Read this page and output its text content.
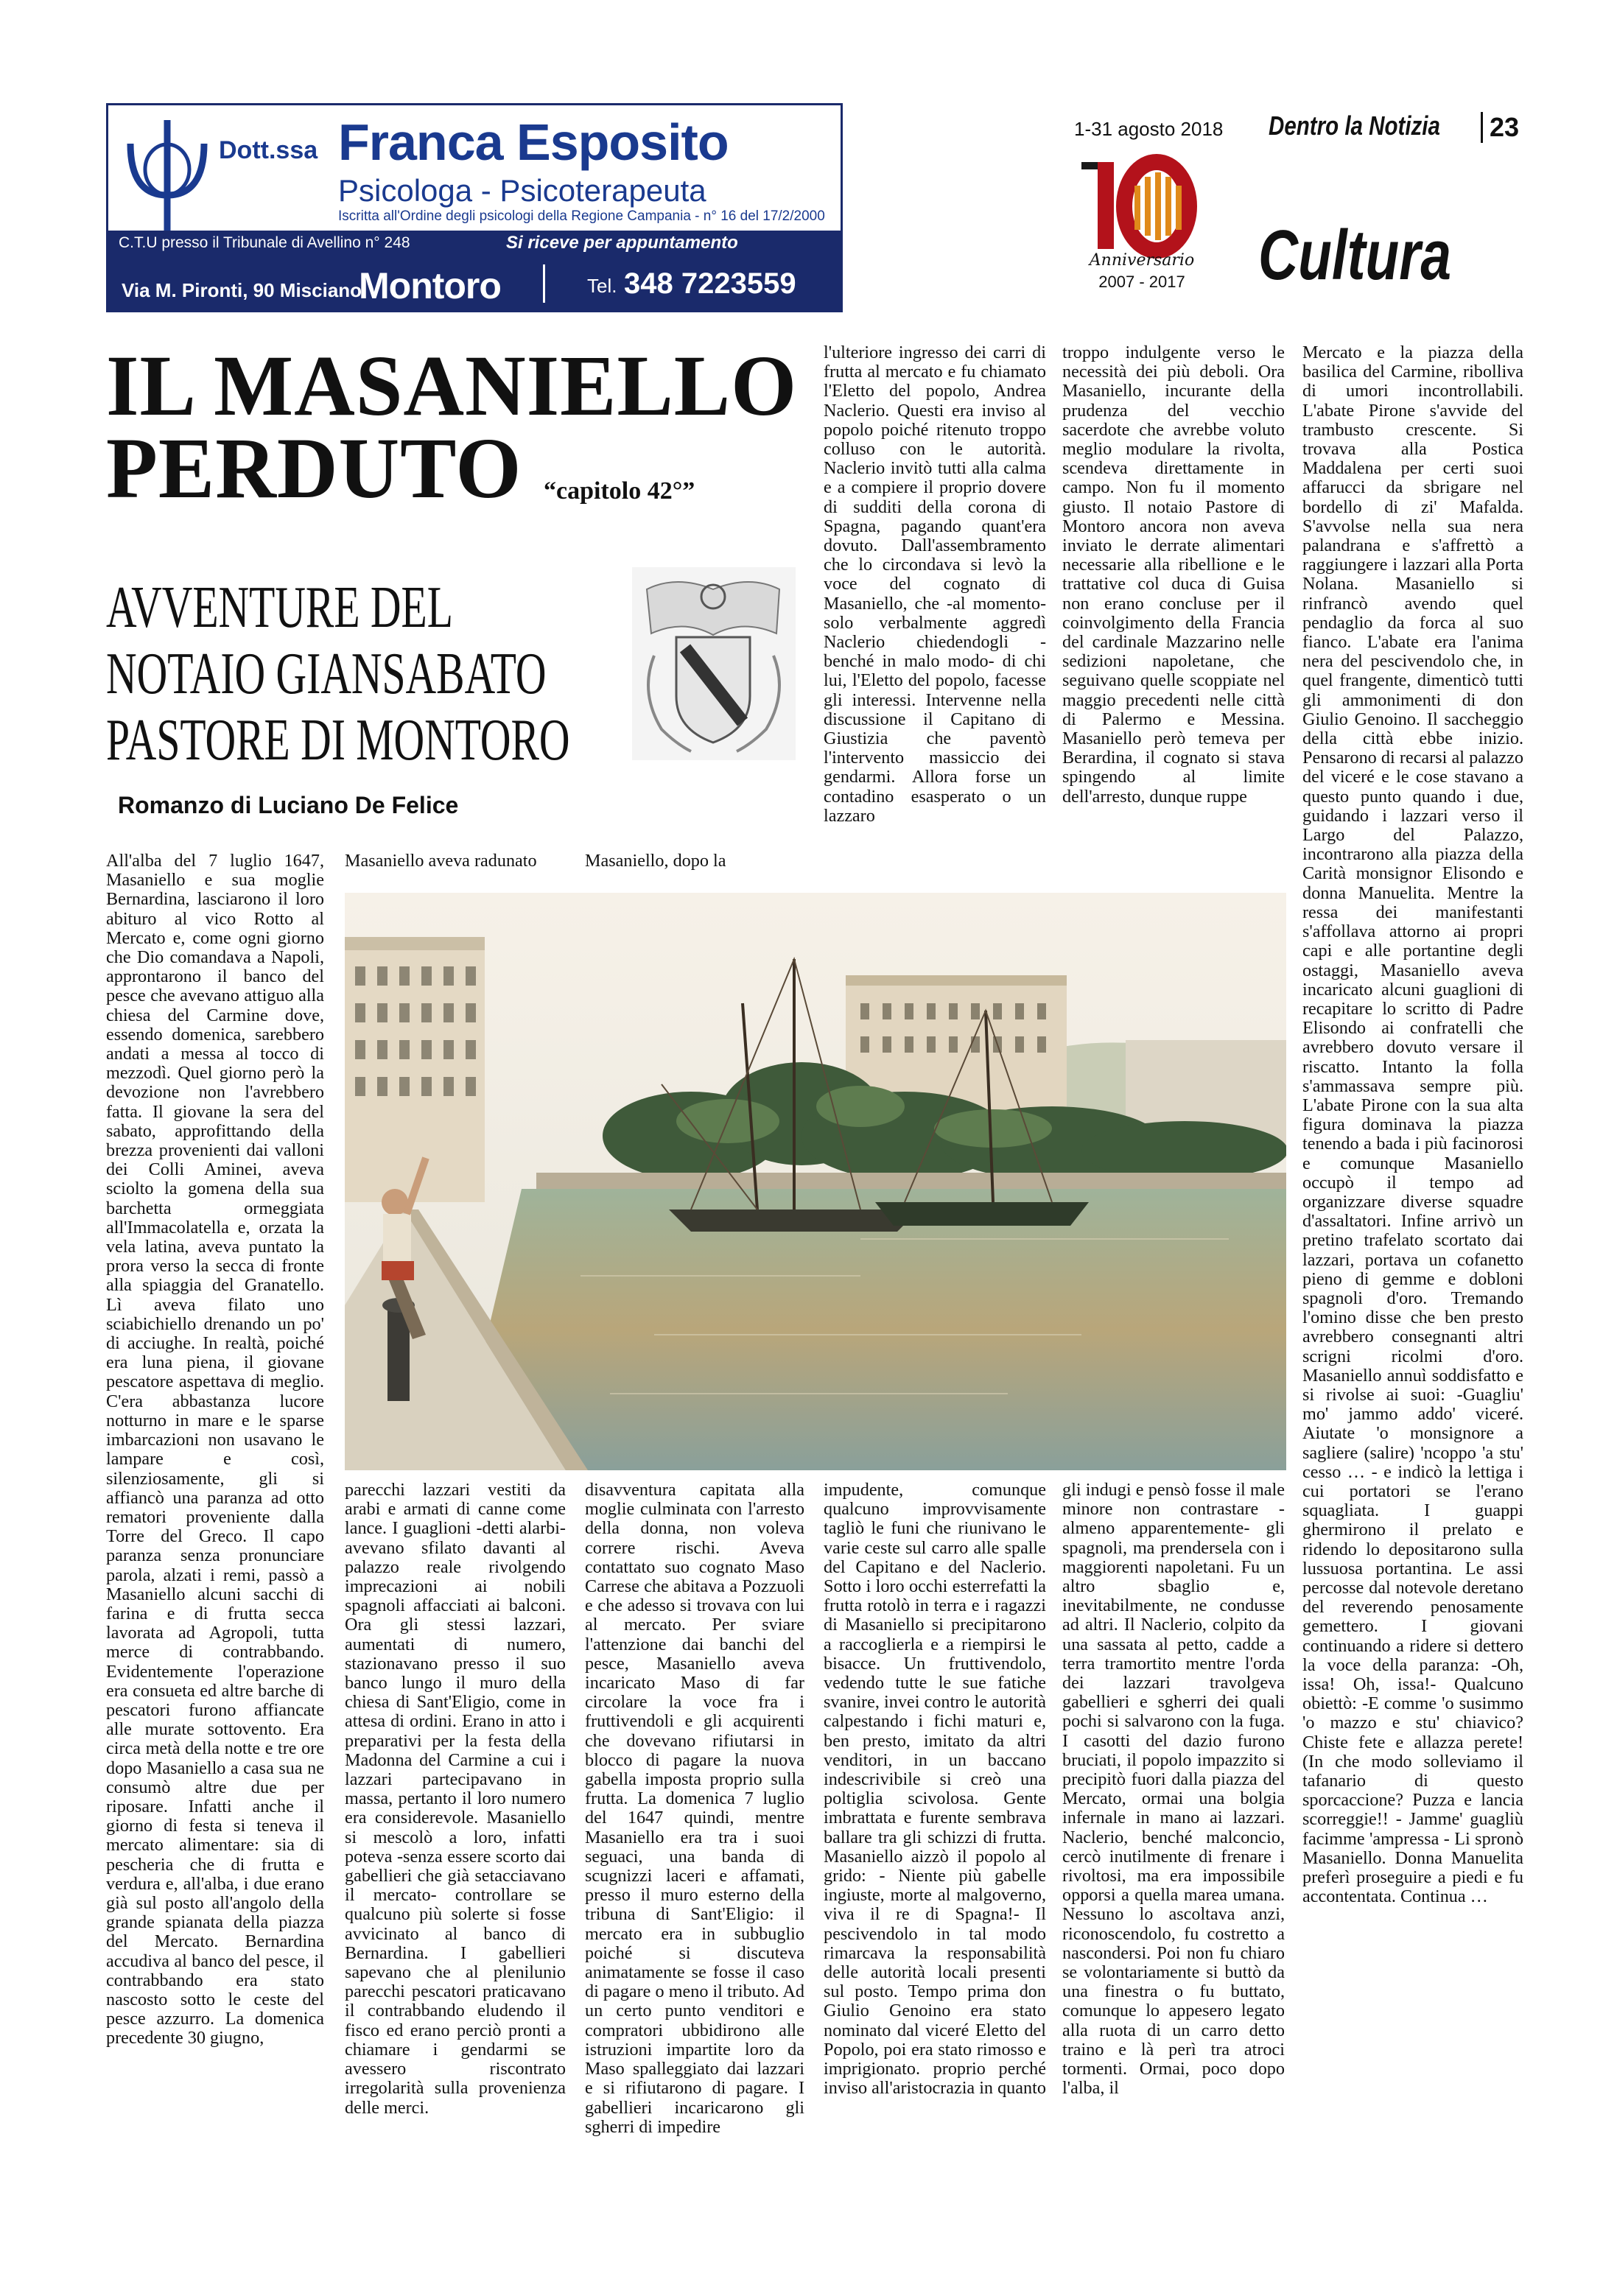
Dott.ssa Franca Esposito
Psicologa - Psicoterapeuta
Iscritta all'Ordine degli psicologi della Regione Campania - n° 16 del 17/2/2000
C.T.U presso il Tribunale di Avellino n° 248	Si riceve per appuntamento
Via M. Pironti, 90 Misciano
Montoro	Tel. 348 7223559
1-31 agosto 2018 Dentro la Notizia 23
Anniversario
2007 - 2017 Cultura
IL MASANIELLO
PERDUTO “capitolo 42°”
AVVENTURE DEL
NOTAIO GIANSABATO
PASTORE DI MONTORO
Romanzo di Luciano De Felice
All'alba del 7 luglio 1647, Masaniello e sua moglie Bernardina, lasciarono il loro abituro al vico Rotto al Mercato e, come ogni giorno che Dio comandava a Napoli, approntarono il banco del pesce che avevano attiguo alla chiesa del Carmine dove, essendo domenica, sarebbero andati a messa al tocco di mezzodì. Quel giorno però la devozione non l'avrebbero fatta. Il giovane la sera del sabato, approfittando della brezza provenienti dai valloni dei Colli Aminei, aveva sciolto la gomena della sua barchetta ormeggiata all'Immacolatella e, orzata la vela latina, aveva puntato la prora verso la secca di fronte alla spiaggia del Granatello. Lì aveva filato uno sciabichiello drenando un po' di acciughe. In realtà, poiché era luna piena, il giovane pescatore aspettava di meglio. C'era abbastanza lucore notturno in mare e le sparse imbarcazioni non usavano le lampare e così, silenziosamente, gli si affiancò una paranza ad otto rematori proveniente dalla Torre del Greco. Il capo paranza senza pronunciare parola, alzati i remi, passò a Masaniello alcuni sacchi di farina e di frutta secca lavorata ad Agropoli, tutta merce di contrabbando. Evidentemente l'operazione era consueta ed altre barche di pescatori furono affiancate alle murate sottovento. Era circa metà della notte e tre ore dopo Masaniello a casa sua ne consumò altre due per riposare. Infatti anche il giorno di festa si teneva il mercato alimentare: sia di pescheria che di frutta e verdura e, all'alba, i due erano già sul posto all'angolo della grande spianata della piazza del Mercato. Bernardina accudiva al banco del pesce, il contrabbando era stato nascosto sotto le ceste del pesce azzurro. La domenica precedente 30 giugno,
Masaniello aveva radunato	Masaniello, dopo la
l'ulteriore ingresso dei carri di frutta al mercato e fu chiamato l'Eletto del popolo, Andrea Naclerio. Questi era inviso al popolo poiché ritenuto troppo colluso con le autorità. Naclerio invitò tutti alla calma e a compiere il proprio dovere di sudditi della corona di Spagna, pagando quant'era dovuto. Dall'assembramento che lo circondava si levò la voce del cognato di Masaniello, che -al momento- solo verbalmente aggredì Naclerio chiedendogli - benché in malo modo- di chi lui, l'Eletto del popolo, facesse gli interessi. Intervenne nella discussione il Capitano di Giustizia che paventò l'intervento massiccio dei gendarmi. Allora forse un contadino esasperato o un lazzaro
troppo indulgente verso le necessità dei più deboli. Ora Masaniello, incurante della prudenza del vecchio sacerdote che avrebbe voluto meglio modulare la rivolta, scendeva direttamente in campo. Non fu il momento giusto. Il notaio Pastore di Montoro ancora non aveva inviato le derrate alimentari necessarie alla ribellione e le trattative col duca di Guisa non erano concluse per il coinvolgimento della Francia del cardinale Mazzarino nelle sedizioni napoletane, che seguivano quelle scoppiate nel maggio precedenti nelle città di Palermo e Messina. Masaniello però temeva per Berardina, il cognato si stava spingendo al limite dell'arresto, dunque ruppe
Mercato e la piazza della basilica del Carmine, ribolliva di umori incontrollabili. L'abate Pirone s'avvide del trambusto crescente. Si trovava alla Postica Maddalena per certi suoi affarucci da sbrigare nel bordello di zi' Mafalda. S'avvolse nella sua nera palandrana e s'affrettò a raggiungere i lazzari alla Porta Nolana. Masaniello si rinfrancò avendo quel pendaglio da forca al suo fianco. L'abate era l'anima nera del pescivendolo che, in quel frangente, dimenticò tutti gli ammonimenti di don Giulio Genoino. Il saccheggio della città ebbe inizio. Pensarono di recarsi al palazzo del viceré e le cose stavano a questo punto quando i due, guidando i lazzari verso il Largo del Palazzo, incontrarono alla piazza della Carità monsignor Elisondo e donna Manuelita. Mentre la ressa dei manifestanti s'affollava attorno ai propri capi e alle portantine degli ostaggi, Masaniello aveva incaricato alcuni guaglioni di recapitare lo scritto di Padre Elisondo ai confratelli che avrebbero dovuto versare il riscatto. Intanto la folla s'ammassava sempre più. L'abate Pirone con la sua alta figura dominava la piazza tenendo a bada i più facinorosi e comunque Masaniello occupò il tempo ad organizzare diverse squadre d'assaltatori. Infine arrivò un pretino trafelato scortato dai lazzari, portava un cofanetto pieno di gemme e dobloni spagnoli d'oro. Tremando l'omino disse che ben presto avrebbero consegnanti altri scrigni ricolmi d'oro. Masaniello annuì soddisfatto e si rivolse ai suoi: -Guagliu' mo' jammo addo' viceré. Aiutate 'o monsignore a sagliere (salire) 'ncoppo 'a stu' cesso … - e indicò la lettiga i cui portatori se l'erano squagliata. I guappi ghermirono il prelato e ridendo lo depositarono sulla lussuosa portantina. Le assi percosse dal notevole deretano del reverendo penosamente gemettero. I giovani continuando a ridere si dettero la voce della paranza: -Oh, issa! Oh, issa!- Qualcuno obiettò: -E comme 'o susimmo 'o mazzo e stu' chiavico? Chiste fete e allazza perete! (In che modo solleviamo il tafanario di questo sporcaccione? Puzza e lancia scorreggie!! - Jamme' guagliù facimme 'ampressa - Li spronò Masaniello. Donna Manuelita preferì proseguire a piedi e fu accontentata. Continua …
parecchi lazzari vestiti da arabi e armati di canne come lance. I guaglioni -detti alarbi- avevano sfilato davanti al palazzo reale rivolgendo imprecazioni ai nobili spagnoli affacciati ai balconi. Ora gli stessi lazzari, aumentati di numero, stazionavano presso il suo banco lungo il muro della chiesa di Sant'Eligio, come in attesa di ordini. Erano in atto i preparativi per la festa della Madonna del Carmine a cui i lazzari partecipavano in massa, pertanto il loro numero era considerevole. Masaniello si mescolò a loro, infatti poteva -senza essere scorto dai gabellieri che già setacciavano il mercato- controllare se qualcuno più solerte si fosse avvicinato al banco di Bernardina. I gabellieri sapevano che al plenilunio parecchi pescatori praticavano il contrabbando eludendo il fisco ed erano perciò pronti a chiamare i gendarmi se avessero riscontrato irregolarità sulla provenienza delle merci.
disavventura capitata alla moglie culminata con l'arresto della donna, non voleva correre rischi. Aveva contattato suo cognato Maso Carrese che abitava a Pozzuoli e che adesso si trovava con lui al mercato. Per sviare l'attenzione dai banchi del pesce, Masaniello aveva incaricato Maso di far circolare la voce fra i fruttivendoli e gli acquirenti che dovevano rifiutarsi in blocco di pagare la nuova gabella imposta proprio sulla frutta. La domenica 7 luglio del 1647 quindi, mentre Masaniello era tra i suoi seguaci, una banda di scugnizzi laceri e affamati, presso il muro esterno della tribuna di Sant'Eligio: il mercato era in subbuglio poiché si discuteva animatamente se fosse il caso di pagare o meno il tributo. Ad un certo punto venditori e compratori ubbidirono alle istruzioni impartite loro da Maso spalleggiato dai lazzari e si rifiutarono di pagare. I gabellieri incaricarono gli sgherri di impedire
impudente, comunque qualcuno improvvisamente tagliò le funi che riunivano le varie ceste sul carro alle spalle del Capitano e del Naclerio. Sotto i loro occhi esterrefatti la frutta rotolò in terra e i ragazzi di Masaniello si precipitarono a raccoglierla e a riempirsi le bisacce. Un fruttivendolo, vedendo tutte le sue fatiche svanire, invei contro le autorità calpestando i fichi maturi e, ben presto, imitato da altri venditori, in un baccano indescrivibile si creò una poltiglia scivolosa. Gente imbrattata e furente sembrava ballare tra gli schizzi di frutta. Masaniello aizzò il popolo al grido: - Niente più gabelle ingiuste, morte al malgoverno, viva il re di Spagna!- Il pescivendolo in tal modo rimarcava la responsabilità delle autorità locali presenti sul posto. Tempo prima don Giulio Genoino era stato nominato dal viceré Eletto del Popolo, poi era stato rimosso e imprigionato. proprio perché inviso all'aristocrazia in quanto
gli indugi e pensò fosse il male minore non contrastare -almeno apparentemente- gli spagnoli, ma prendersela con i maggiorenti napoletani. Fu un altro sbaglio e, inevitabilmente, ne condusse ad altri. Il Naclerio, colpito da una sassata al petto, cadde a terra tramortito mentre l'orda dei lazzari travolgeva gabellieri e sgherri dei quali pochi si salvarono con la fuga. I casotti del dazio furono bruciati, il popolo impazzito si precipitò fuori dalla piazza del Mercato, ormai una bolgia infernale in mano ai lazzari. Naclerio, benché malconcio, cercò inutilmente di frenare i rivoltosi, ma era impossibile opporsi a quella marea umana. Nessuno lo ascoltava anzi, riconoscendolo, fu costretto a nascondersi. Poi non fu chiaro se volontariamente si buttò da una finestra o fu buttato, comunque lo appesero legato alla ruota di un carro detto traino e là perì tra atroci tormenti. Ormai, poco dopo l'alba, il
